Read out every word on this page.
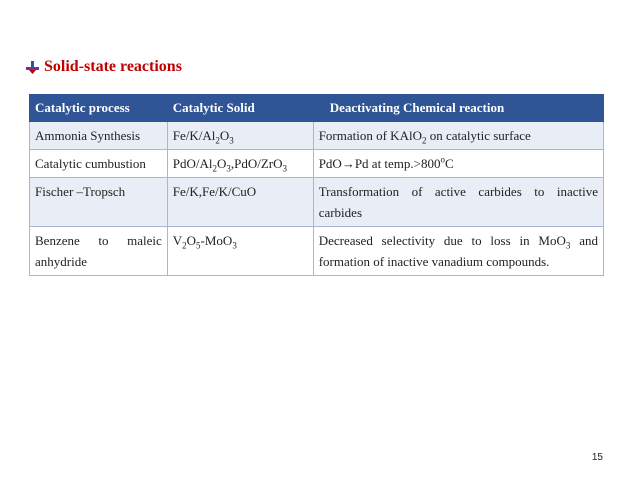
Solid-state reactions
Catalytic process	Catalytic Solid	Deactivating Chemical reaction
Ammonia Synthesis	$Fe/K/Al_2O_3$	Formation of KAlO$_2$ on catalytic surface
Catalytic cumbustion	PdO/$Al_2O_3,PdO/ZrO_3$	PdO→Pd at $temp.>800^oC$
Fischer –Tropsch	Fe/K,Fe/K/CuO	Transformation of active carbides to inactive carbides
Benzene to maleic anhydride	$V_2O_5-MoO_3$	Decreased selectivity due to loss in MoO$_3$ and formation of inactive vanadium compounds.
15
